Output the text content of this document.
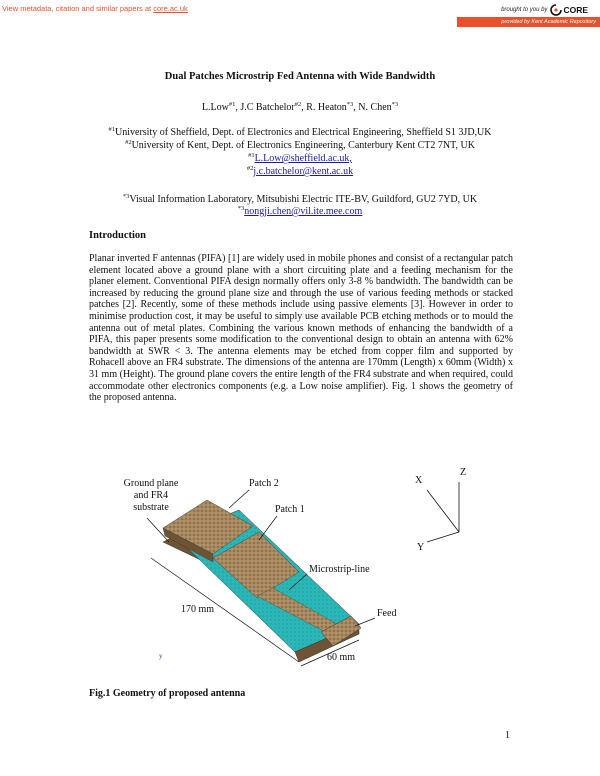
View metadata, citation and similar papers at core.ac.uk	brought to you by CORE
provided by Kent Academic Repository
Dual Patches Microstrip Fed Antenna with Wide Bandwidth
L.Low$^{\#1}$, J.C Batchelor$^{\#2}$, R. Heaton$^{*3}$, N. Chen$^{*3}$
$^{\#1}$University of Sheffield, Dept. of Electronics and Electrical Engineering, Sheffield S1 3JD,UK
$^{\#2}$University of Kent, Dept. of Electronics Engineering, Canterbury Kent CT2 7NT, UK
$^{\#1}$L.Low@sheffield.ac.uk,
$^{\#2}$j.c.batchelor@kent.ac.uk
$^{*3}$Visual Information Laboratory, Mitsubishi Electric ITE-BV, Guildford, GU2 7YD, UK
$^{*3}$nongji.chen@vil.ite.mee.com
Introduction
Planar inverted F antennas (PIFA) [1] are widely used in mobile phones and consist of a rectangular patch element located above a ground plane with a short circuiting plate and a feeding mechanism for the planer element. Conventional PIFA design normally offers only 3-8 % bandwidth. The bandwidth can be increased by reducing the ground plane size and through the use of various feeding methods or stacked patches [2]. Recently, some of these methods include using passive elements [3]. However in order to minimise production cost, it may be useful to simply use available PCB etching methods or to mould the antenna out of metal plates. Combining the various known methods of enhancing the bandwidth of a PIFA, this paper presents some modification to the conventional design to obtain an antenna with 62% bandwidth at SWR < 3. The antenna elements may be etched from copper film and supported by Rohacell above an FR4 substrate. The dimensions of the antenna are 170mm (Length) x 60mm (Width) x 31 mm (Height). The ground plane covers the entire length of the FR4 substrate and when required, could accommodate other electronics components (e.g. a Low noise amplifier). Fig. 1 shows the geometry of the proposed antenna.
Ground plane
and FR4
substrate
Patch 2
Patch 1
Microstrip-line
170 mm	Feed
60 mm
X
Z
Y
y
Fig.1 Geometry of proposed antenna
1
